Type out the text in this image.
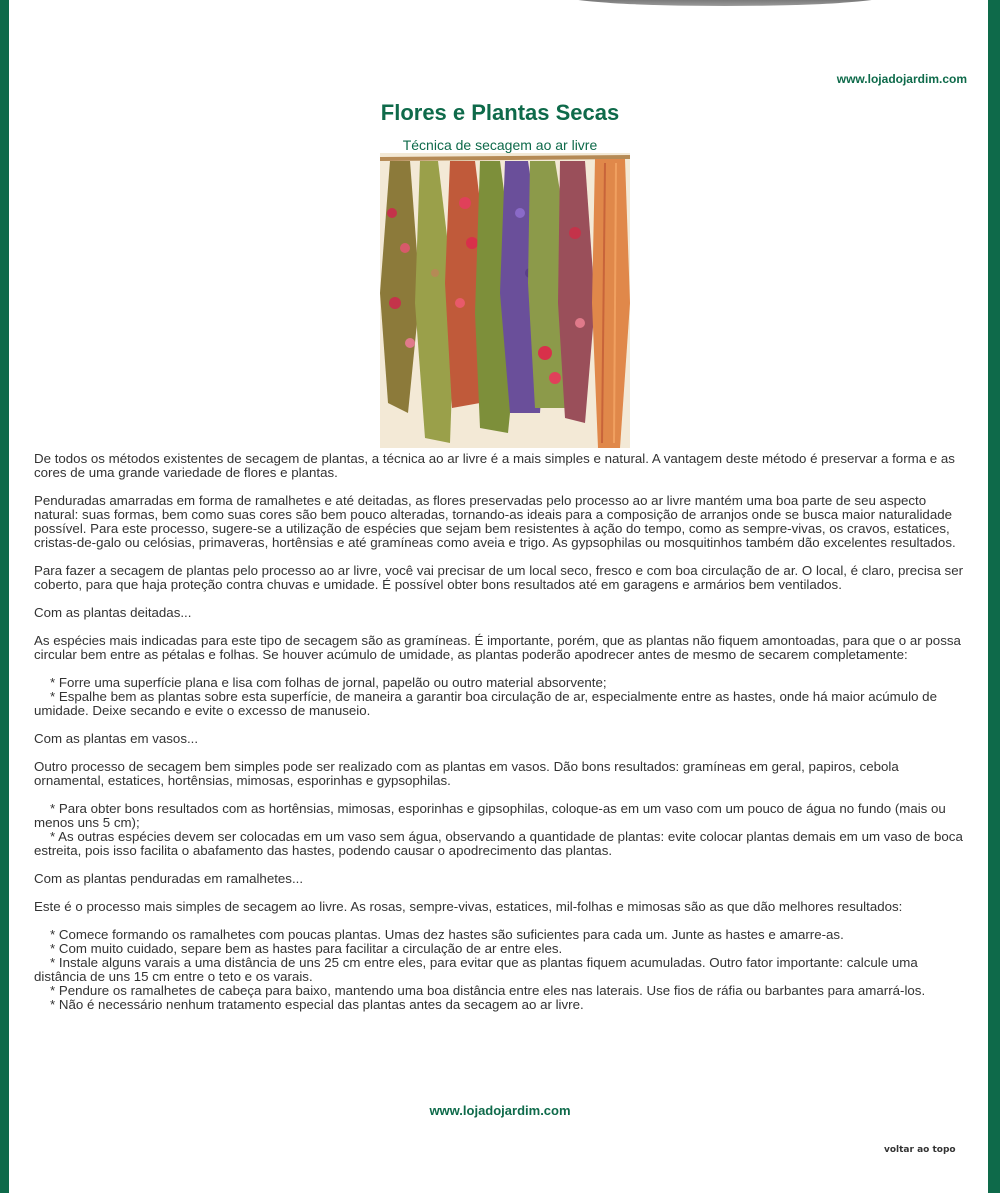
www.lojadojardim.com
Flores e Plantas Secas
Técnica de secagem ao ar livre

De todos os métodos existentes de secagem de plantas, a técnica ao ar livre é a mais simples e natural. A vantagem deste método é preservar a forma e as cores de uma grande variedade de flores e plantas.

Penduradas amarradas em forma de ramalhetes e até deitadas, as flores preservadas pelo processo ao ar livre mantém uma boa parte de seu aspecto natural: suas formas, bem como suas cores são bem pouco alteradas, tornando-as ideais para a composição de arranjos onde se busca maior naturalidade possível. Para este processo, sugere-se a utilização de espécies que sejam bem resistentes à ação do tempo, como as sempre-vivas, os cravos, estatices, cristas-de-galo ou celósias, primaveras, hortênsias e até gramíneas como aveia e trigo. As gypsophilas ou mosquitinhos também dão excelentes resultados.

Para fazer a secagem de plantas pelo processo ao ar livre, você vai precisar de um local seco, fresco e com boa circulação de ar. O local, é claro, precisa ser coberto, para que haja proteção contra chuvas e umidade. É possível obter bons resultados até em garagens e armários bem ventilados.

Com as plantas deitadas...

As espécies mais indicadas para este tipo de secagem são as gramíneas. É importante, porém, que as plantas não fiquem amontoadas, para que o ar possa circular bem entre as pétalas e folhas. Se houver acúmulo de umidade, as plantas poderão apodrecer antes de mesmo de secarem completamente:

* Forre uma superfície plana e lisa com folhas de jornal, papelão ou outro material absorvente;

* Espalhe bem as plantas sobre esta superfície, de maneira a garantir boa circulação de ar, especialmente entre as hastes, onde há maior acúmulo de umidade. Deixe secando e evite o excesso de manuseio.

Com as plantas em vasos...

Outro processo de secagem bem simples pode ser realizado com as plantas em vasos. Dão bons resultados: gramíneas em geral, papiros, cebola ornamental, estatices, hortênsias, mimosas, esporinhas e gypsophilas.

* Para obter bons resultados com as hortênsias, mimosas, esporinhas e gipsophilas, coloque-as em um vaso com um pouco de água no fundo (mais ou menos uns 5 cm);

* As outras espécies devem ser colocadas em um vaso sem água, observando a quantidade de plantas: evite colocar plantas demais em um vaso de boca estreita, pois isso facilita o abafamento das hastes, podendo causar o apodrecimento das plantas.

Com as plantas penduradas em ramalhetes...

Este é o processo mais simples de secagem ao livre. As rosas, sempre-vivas, estatices, mil-folhas e mimosas são as que dão melhores resultados:

* Comece formando os ramalhetes com poucas plantas. Umas dez hastes são suficientes para cada um. Junte as hastes e amarre-as.

* Com muito cuidado, separe bem as hastes para facilitar a circulação de ar entre eles.

* Instale alguns varais a uma distância de uns 25 cm entre eles, para evitar que as plantas fiquem acumuladas. Outro fator importante: calcule uma distância de uns 15 cm entre o teto e os varais.

* Pendure os ramalhetes de cabeça para baixo, mantendo uma boa distância entre eles nas laterais. Use fios de ráfia ou barbantes para amarrá-los.

* Não é necessário nenhum tratamento especial das plantas antes da secagem ao ar livre.

www.lojadojardim.com
voltar ao topo
